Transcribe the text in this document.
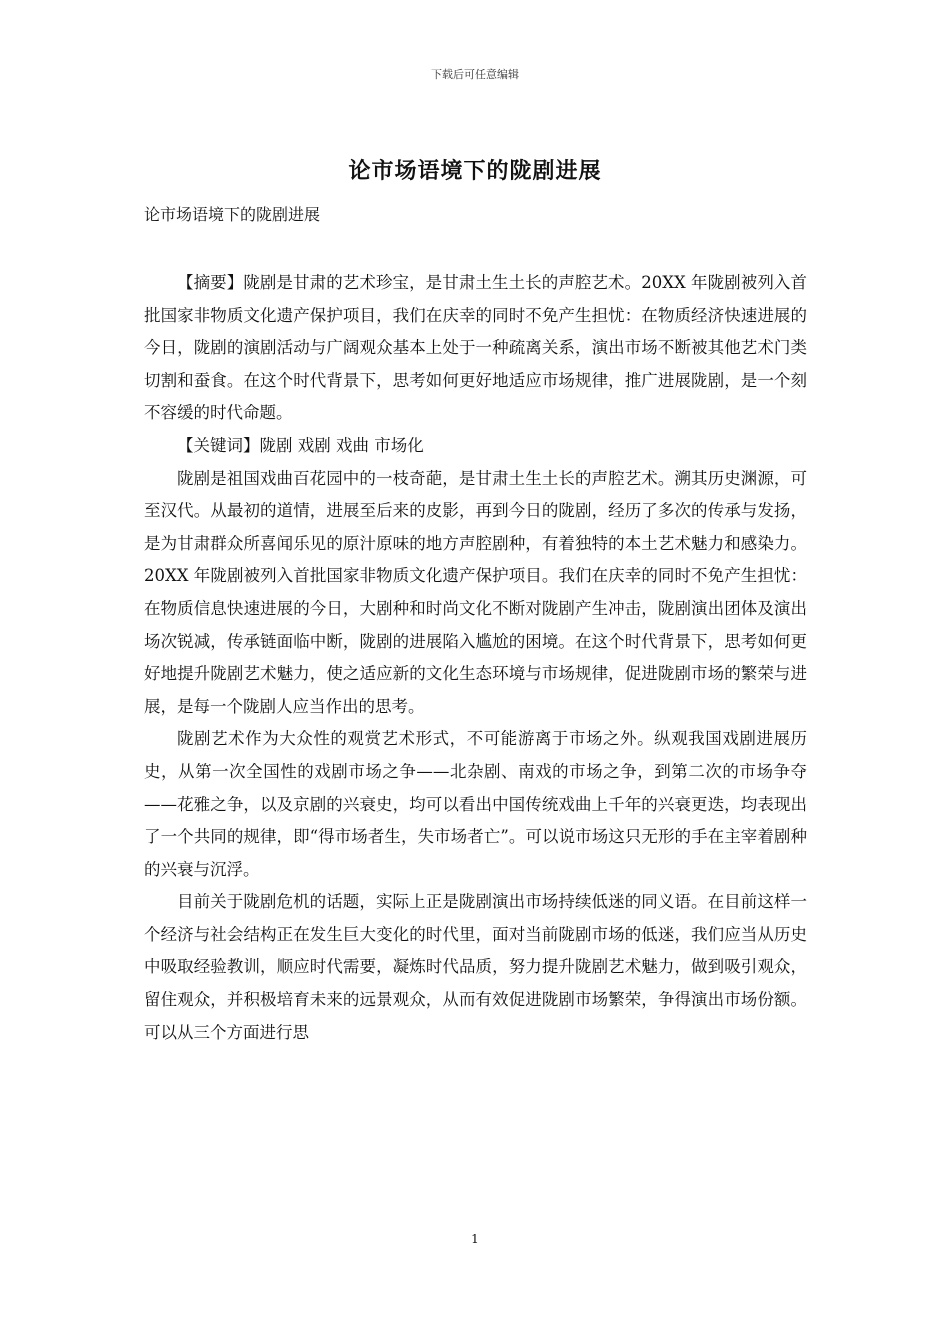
下载后可任意编辑
论市场语境下的陇剧进展
论市场语境下的陇剧进展

【摘要】陇剧是甘肃的艺术珍宝，是甘肃土生土长的声腔艺术。20XX 年陇剧被列入首批国家非物质文化遗产保护项目，我们在庆幸的同时不免产生担忧：在物质经济快速进展的今日，陇剧的演剧活动与广阔观众基本上处于一种疏离关系，演出市场不断被其他艺术门类切割和蚕食。在这个时代背景下，思考如何更好地适应市场规律，推广进展陇剧，是一个刻不容缓的时代命题。

【关键词】陇剧 戏剧 戏曲 市场化

陇剧是祖国戏曲百花园中的一枝奇葩，是甘肃土生土长的声腔艺术。溯其历史渊源，可至汉代。从最初的道情，进展至后来的皮影，再到今日的陇剧，经历了多次的传承与发扬，是为甘肃群众所喜闻乐见的原汁原味的地方声腔剧种，有着独特的本土艺术魅力和感染力。20XX 年陇剧被列入首批国家非物质文化遗产保护项目。我们在庆幸的同时不免产生担忧：在物质信息快速进展的今日，大剧种和时尚文化不断对陇剧产生冲击，陇剧演出团体及演出场次锐减，传承链面临中断，陇剧的进展陷入尴尬的困境。在这个时代背景下，思考如何更好地提升陇剧艺术魅力，使之适应新的文化生态环境与市场规律，促进陇剧市场的繁荣与进展，是每一个陇剧人应当作出的思考。

陇剧艺术作为大众性的观赏艺术形式，不可能游离于市场之外。纵观我国戏剧进展历史，从第一次全国性的戏剧市场之争——北杂剧、南戏的市场之争，到第二次的市场争夺——花雅之争，以及京剧的兴衰史，均可以看出中国传统戏曲上千年的兴衰更迭，均表现出了一个共同的规律，即“得市场者生，失市场者亡”。可以说市场这只无形的手在主宰着剧种的兴衰与沉浮。

目前关于陇剧危机的话题，实际上正是陇剧演出市场持续低迷的同义语。在目前这样一个经济与社会结构正在发生巨大变化的时代里，面对当前陇剧市场的低迷，我们应当从历史中吸取经验教训，顺应时代需要，凝炼时代品质，努力提升陇剧艺术魅力，做到吸引观众，留住观众，并积极培育未来的远景观众，从而有效促进陇剧市场繁荣，争得演出市场份额。可以从三个方面进行思

1
